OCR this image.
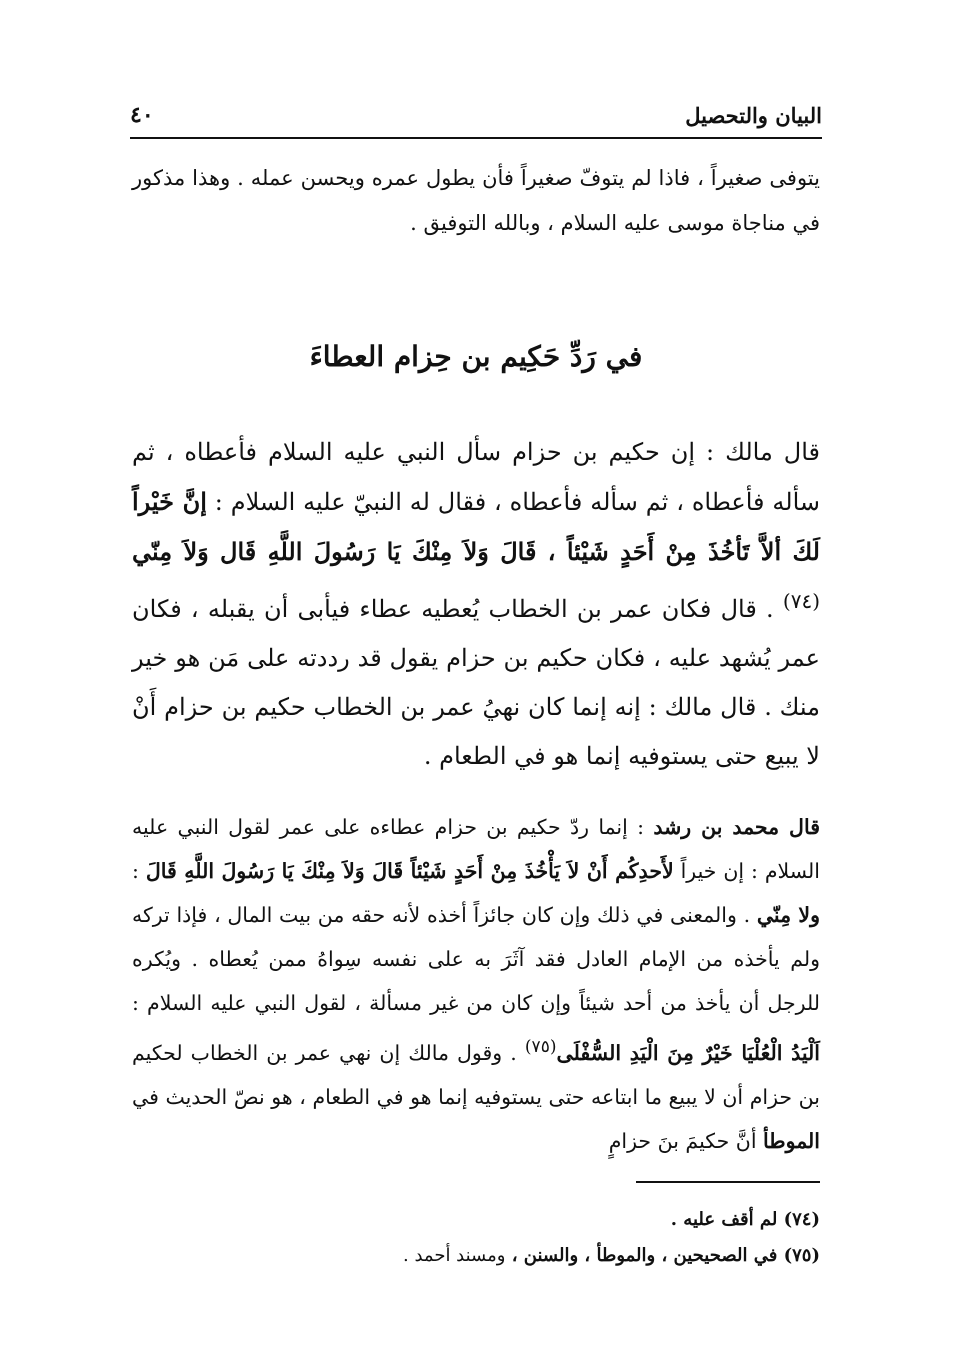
البيان والتحصيل
٤٠

يتوفى صغيراً ، فاذا لم يتوفّ صغيراً فأن يطول عمره ويحسن عمله . وهذا مذكور في مناجاة موسى عليه السلام ، وبالله التوفيق .

في رَدِّ حَكِيم بن حِزام العطاءَ

قال مالك : إن حكيم بن حزام سأل النبي عليه السلام فأعطاه ، ثم سأله فأعطاه ، ثم سأله فأعطاه ، فقال له النبيّ عليه السلام : إنَّ خَيْراً لَكَ ألاَّ تَأخُذَ مِنْ أَحَدٍ شَيْئاً ، قَالَ وَلاَ مِنْكَ يَا رَسُولَ اللَّهِ قَال وَلاَ مِنّي $^{(٧٤)}$ . قال فكان عمر بن الخطاب يُعطيه عطاء فيأبى أن يقبله ، فكان عمر يُشهد عليه ، فكان حكيم بن حزام يقول قد رددته على مَن هو خير منك . قال مالك : إنه إنما كان نهيُ عمر بن الخطاب حكيم بن حزام أَنْ لا يبيع حتى يستوفيه إنما هو في الطعام .

قال محمد بن رشد : إنما ردّ حكيم بن حزام عطاءه على عمر لقول النبي عليه السلام : إن خيراً لأَحدِكُم أَنْ لاَ يَأْخُذَ مِنْ أَحَدٍ شَيْئاً قَالَ وَلاَ مِنْكَ يَا رَسُولَ اللَّهِ قَالَ : ولا مِنّي . والمعنى في ذلك وإن كان جائزاً أخذه لأنه حقه من بيت المال ، فإذا تركه ولم يأخذه من الإمام العادل فقد آثَرَ به على نفسه سِواهُ ممن يُعطاه . ويُكره للرجل أن يأخذ من أحد شيئاً وإن كان من غير مسألة ، لقول النبي عليه السلام : اَلْيَدُ الْعُلْيَا خَيْرٌ مِنَ الْيَدِ السُّفْلَى$^{(٧٥)}$ . وقول مالك إن نهي عمر بن الخطاب لحكيم بن حزام أن لا يبيع ما ابتاعه حتى يستوفيه إنما هو في الطعام ، هو نصّ الحديث في الموطأ أنَّ حكيمَ بنَ حزامٍ

(٧٤) لم أقف عليه .

(٧٥) في الصحيحين ، والموطأ ، والسنن ، ومسند أحمد .
